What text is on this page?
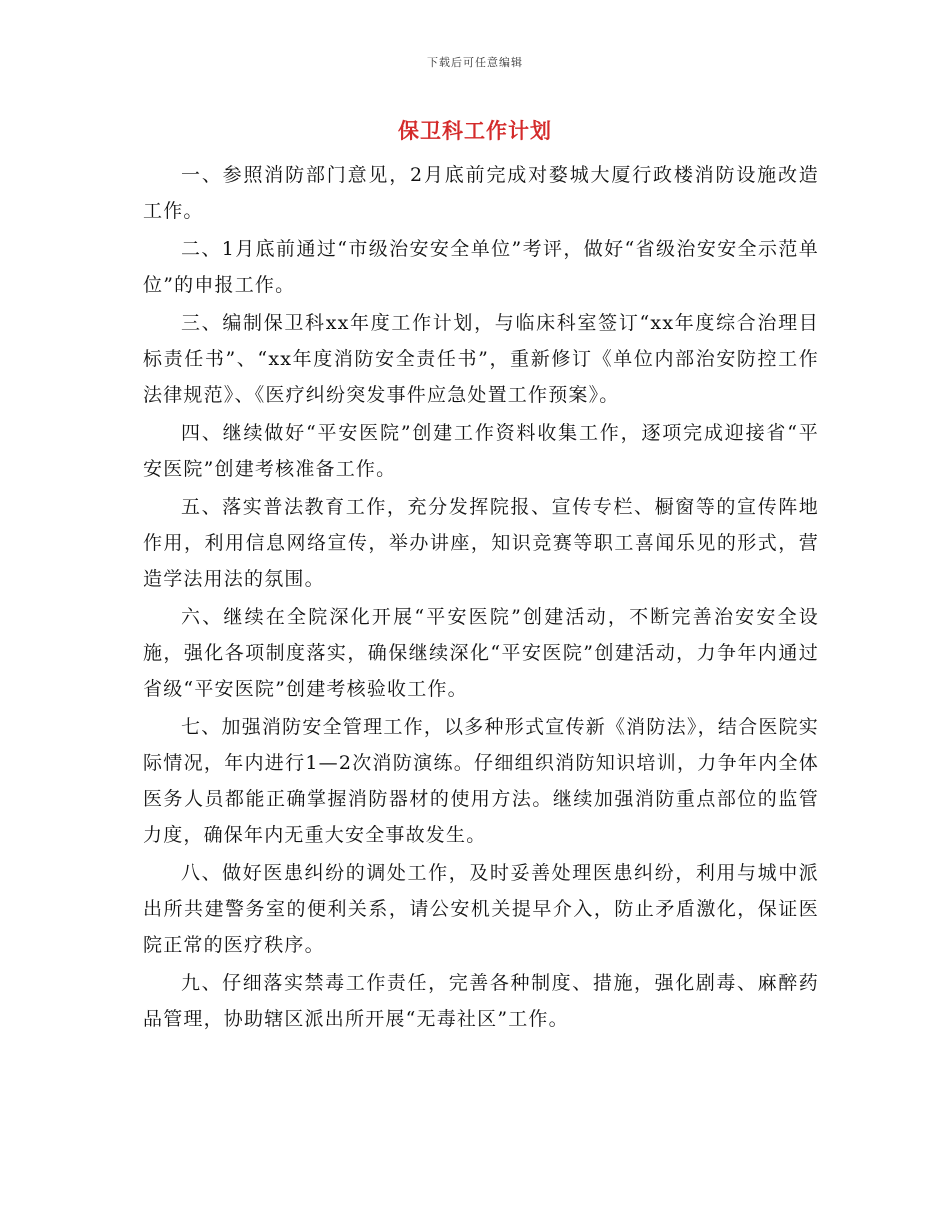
下载后可任意编辑
保卫科工作计划

一、参照消防部门意见，2月底前完成对婺城大厦行政楼消防设施改造工作。

二、1月底前通过“市级治安安全单位”考评，做好“省级治安安全示范单位”的申报工作。

三、编制保卫科xx年度工作计划，与临床科室签订“xx年度综合治理目标责任书”、“xx年度消防安全责任书”，重新修订《单位内部治安防控工作法律规范》、《医疗纠纷突发事件应急处置工作预案》。

四、继续做好“平安医院”创建工作资料收集工作，逐项完成迎接省“平安医院”创建考核准备工作。

五、落实普法教育工作，充分发挥院报、宣传专栏、橱窗等的宣传阵地作用，利用信息网络宣传，举办讲座，知识竞赛等职工喜闻乐见的形式，营造学法用法的氛围。

六、继续在全院深化开展“平安医院”创建活动，不断完善治安安全设施，强化各项制度落实，确保继续深化“平安医院”创建活动，力争年内通过省级“平安医院”创建考核验收工作。

七、加强消防安全管理工作，以多种形式宣传新《消防法》，结合医院实际情况，年内进行1—2次消防演练。仔细组织消防知识培训，力争年内全体医务人员都能正确掌握消防器材的使用方法。继续加强消防重点部位的监管力度，确保年内无重大安全事故发生。

八、做好医患纠纷的调处工作，及时妥善处理医患纠纷，利用与城中派出所共建警务室的便利关系，请公安机关提早介入，防止矛盾激化，保证医院正常的医疗秩序。

九、仔细落实禁毒工作责任，完善各种制度、措施，强化剧毒、麻醉药品管理，协助辖区派出所开展“无毒社区”工作。
